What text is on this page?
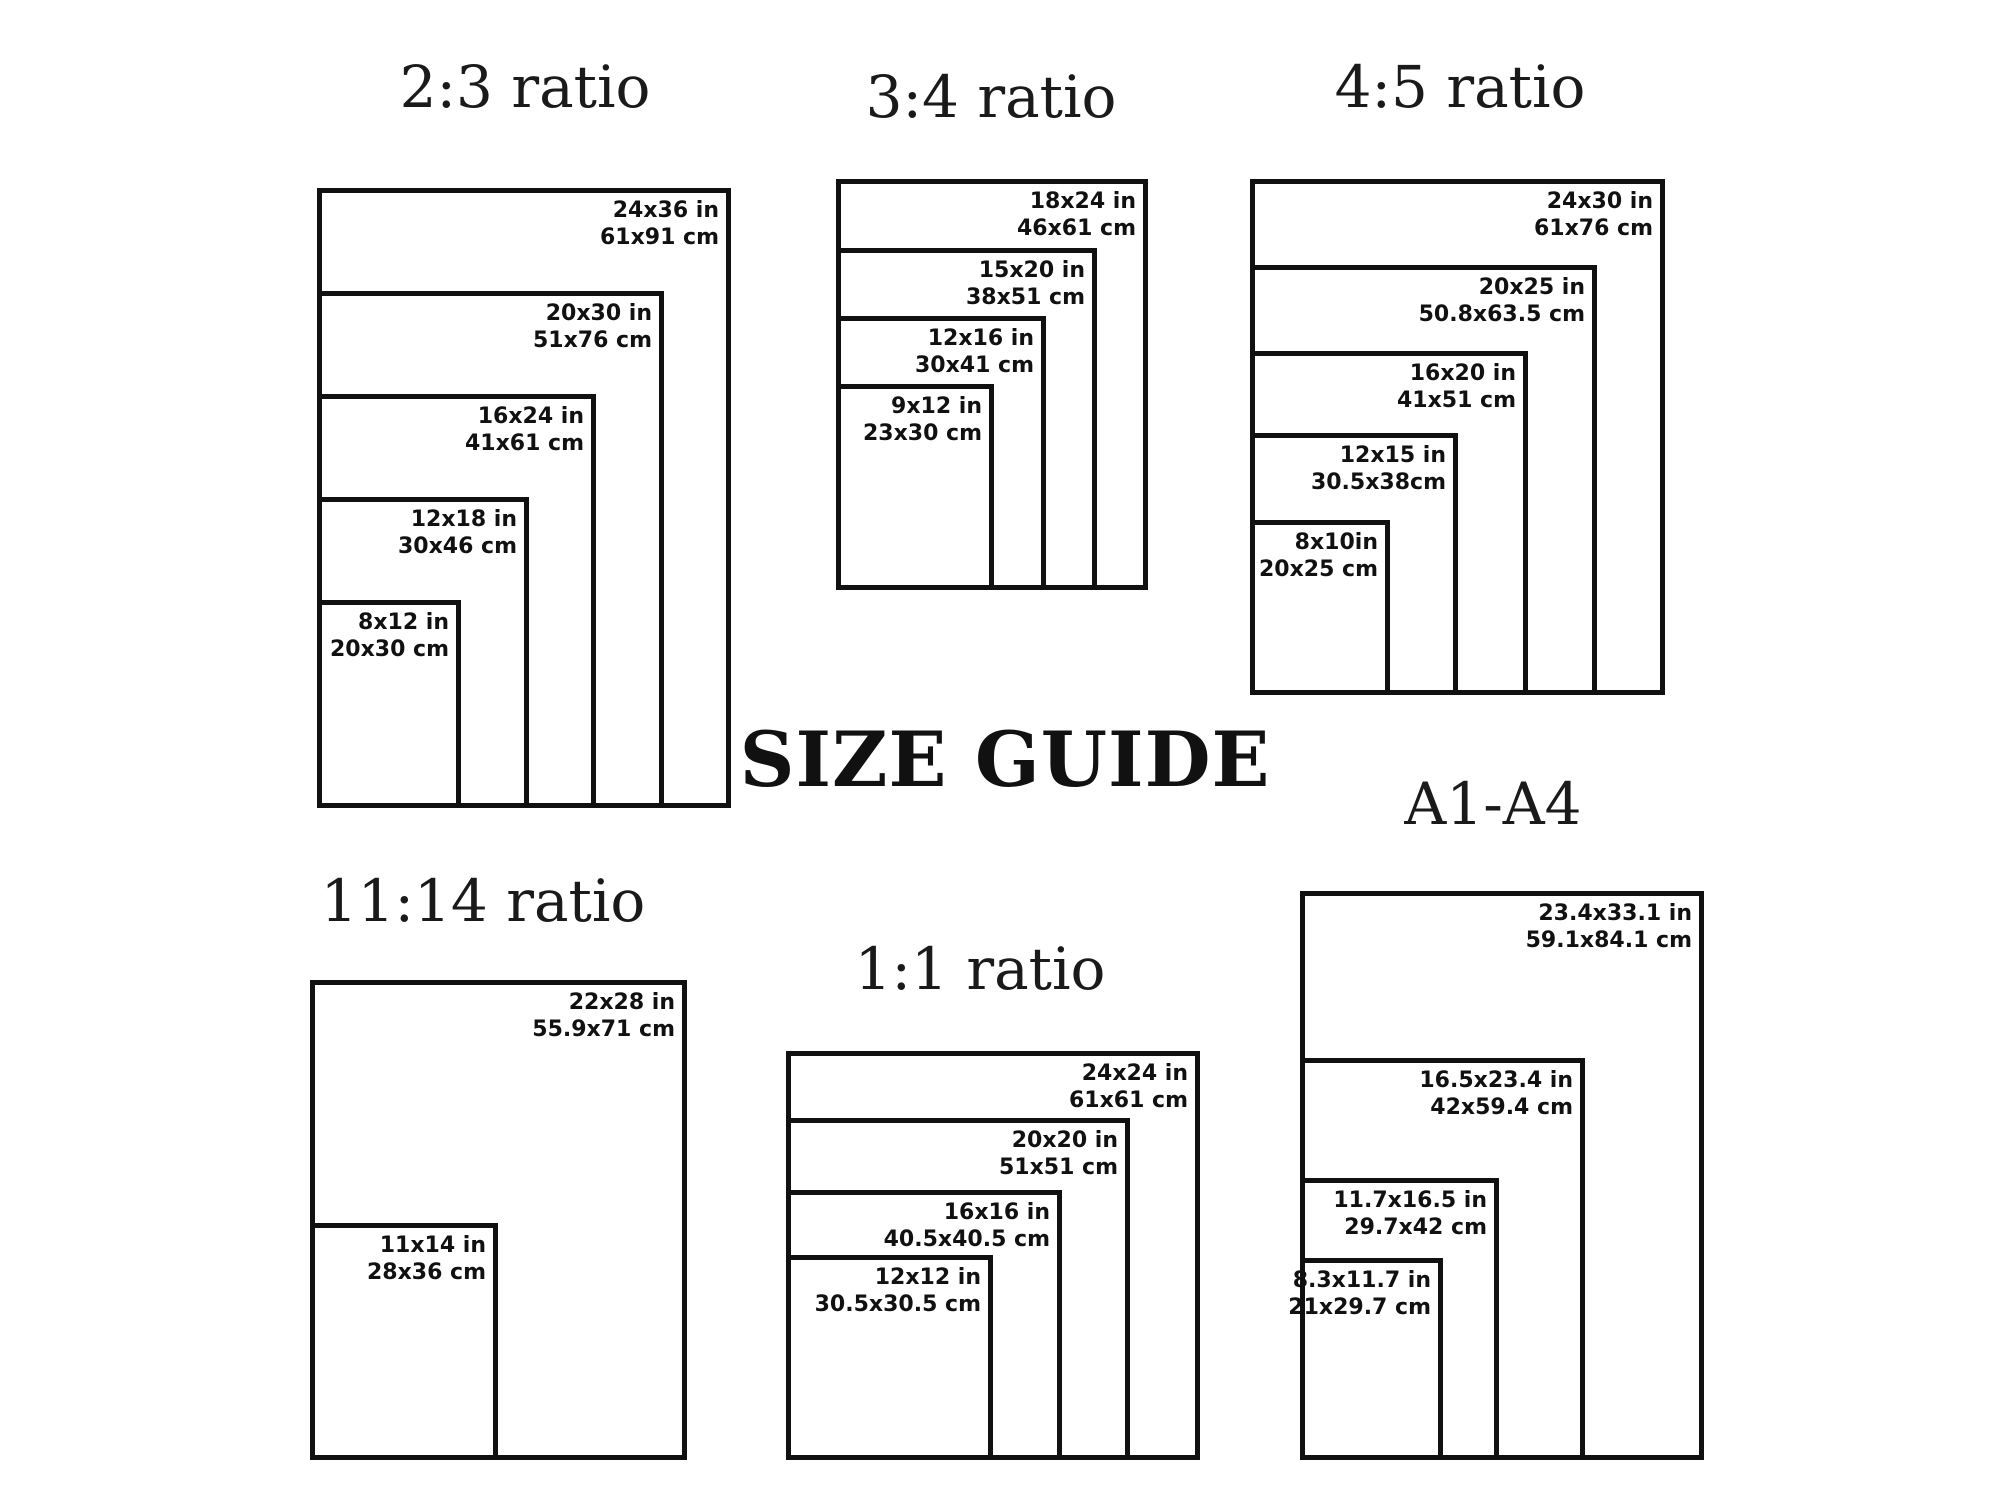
SIZE GUIDE
2:3 ratio
24x36 in
61x91 cm
20x30 in
51x76 cm
16x24 in
41x61 cm
12x18 in
30x46 cm
8x12 in
20x30 cm
3:4 ratio
18x24 in
46x61 cm
15x20 in
38x51 cm
12x16 in
30x41 cm
9x12 in
23x30 cm
4:5 ratio
24x30 in
61x76 cm
20x25 in
50.8x63.5 cm
16x20 in
41x51 cm
12x15 in
30.5x38cm
8x10in
20x25 cm
11:14 ratio
22x28 in
55.9x71 cm
11x14 in
28x36 cm
1:1 ratio
24x24 in
61x61 cm
20x20 in
51x51 cm
16x16 in
40.5x40.5 cm
12x12 in
30.5x30.5 cm
A1-A4
23.4x33.1 in
59.1x84.1 cm
16.5x23.4 in
42x59.4 cm
11.7x16.5 in
29.7x42 cm
8.3x11.7 in
21x29.7 cm
